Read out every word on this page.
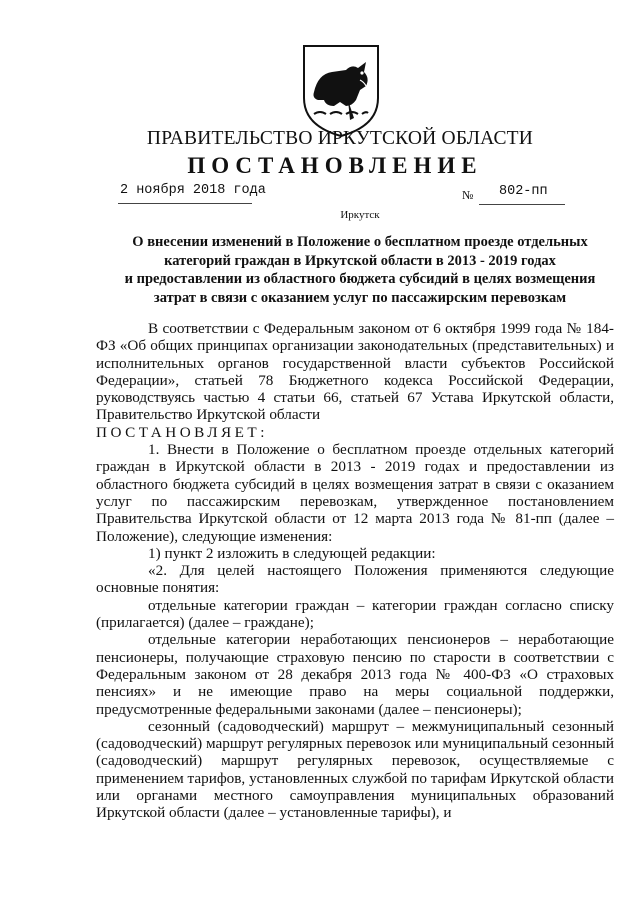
ПРАВИТЕЛЬСТВО ИРКУТСКОЙ ОБЛАСТИ
ПОСТАНОВЛЕНИЕ
2 ноября 2018 года	№ 802-пп
Иркутск
О внесении изменений в Положение о бесплатном проезде отдельных
категорий граждан в Иркутской области в 2013 - 2019 годах
и предоставлении из областного бюджета субсидий в целях возмещения
затрат в связи с оказанием услуг по пассажирским перевозкам

В соответствии с Федеральным законом от 6 октября 1999 года № 184-ФЗ «Об общих принципах организации законодательных (представительных) и исполнительных органов государственной власти субъектов Российской Федерации», статьей 78 Бюджетного кодекса Российской Федерации, руководствуясь частью 4 статьи 66, статьей 67 Устава Иркутской области, Правительство Иркутской области

ПОСТАНОВЛЯЕТ:

1. Внести в Положение о бесплатном проезде отдельных категорий граждан в Иркутской области в 2013 - 2019 годах и предоставлении из областного бюджета субсидий в целях возмещения затрат в связи с оказанием услуг по пассажирским перевозкам, утвержденное постановлением Правительства Иркутской области от 12 марта 2013 года № 81-пп (далее – Положение), следующие изменения:

1) пункт 2 изложить в следующей редакции:

«2. Для целей настоящего Положения применяются следующие основные понятия:

отдельные категории граждан – категории граждан согласно списку (прилагается) (далее – граждане);

отдельные категории неработающих пенсионеров – неработающие пенсионеры, получающие страховую пенсию по старости в соответствии с Федеральным законом от 28 декабря 2013 года № 400-ФЗ «О страховых пенсиях» и не имеющие право на меры социальной поддержки, предусмотренные федеральными законами (далее – пенсионеры);

сезонный (садоводческий) маршрут – межмуниципальный сезонный (садоводческий) маршрут регулярных перевозок или муниципальный сезонный (садоводческий) маршрут регулярных перевозок, осуществляемые с применением тарифов, установленных службой по тарифам Иркутской области или органами местного самоуправления муниципальных образований Иркутской области (далее – установленные тарифы), и
